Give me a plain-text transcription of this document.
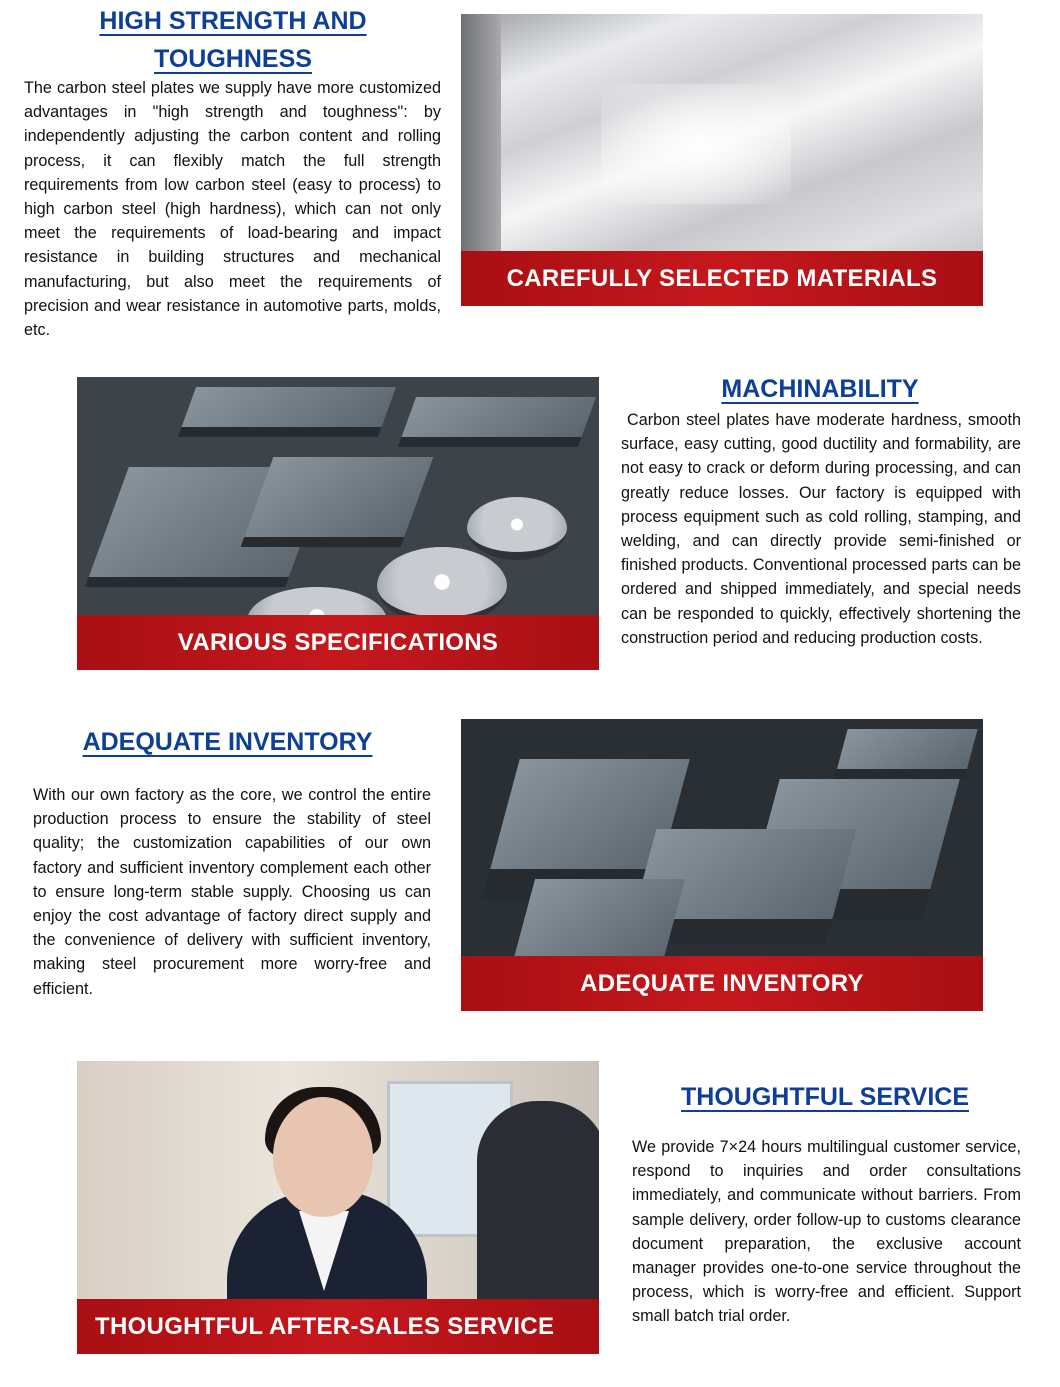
HIGH STRENGTH AND
TOUGHNESS

The carbon steel plates we supply have more customized advantages in "high strength and toughness": by independently adjusting the carbon content and rolling process, it can flexibly match the full strength requirements from low carbon steel (easy to process) to high carbon steel (high hardness), which can not only meet the requirements of load-bearing and impact resistance in building structures and mechanical manufacturing, but also meet the requirements of precision and wear resistance in automotive parts, molds, etc.

CAREFULLY SELECTED MATERIALS
VARIOUS SPECIFICATIONS
MACHINABILITY

Carbon steel plates have moderate hardness, smooth surface, easy cutting, good ductility and formability, are not easy to crack or deform during processing, and can greatly reduce losses. Our factory is equipped with process equipment such as cold rolling, stamping, and welding, and can directly provide semi-finished or finished products. Conventional processed parts can be ordered and shipped immediately, and special needs can be responded to quickly, effectively shortening the construction period and reducing production costs.

ADEQUATE INVENTORY

With our own factory as the core, we control the entire production process to ensure the stability of steel quality; the customization capabilities of our own factory and sufficient inventory complement each other to ensure long-term stable supply. Choosing us can enjoy the cost advantage of factory direct supply and the convenience of delivery with sufficient inventory, making steel procurement more worry-free and efficient.	ADEQUATE INVENTORY
THOUGHTFUL AFTER-SALES SERVICE
THOUGHTFUL SERVICE

We provide 7×24 hours multilingual customer service, respond to inquiries and order consultations immediately, and communicate without barriers. From sample delivery, order follow-up to customs clearance document preparation, the exclusive account manager provides one-to-one service throughout the process, which is worry-free and efficient. Support small batch trial order.
